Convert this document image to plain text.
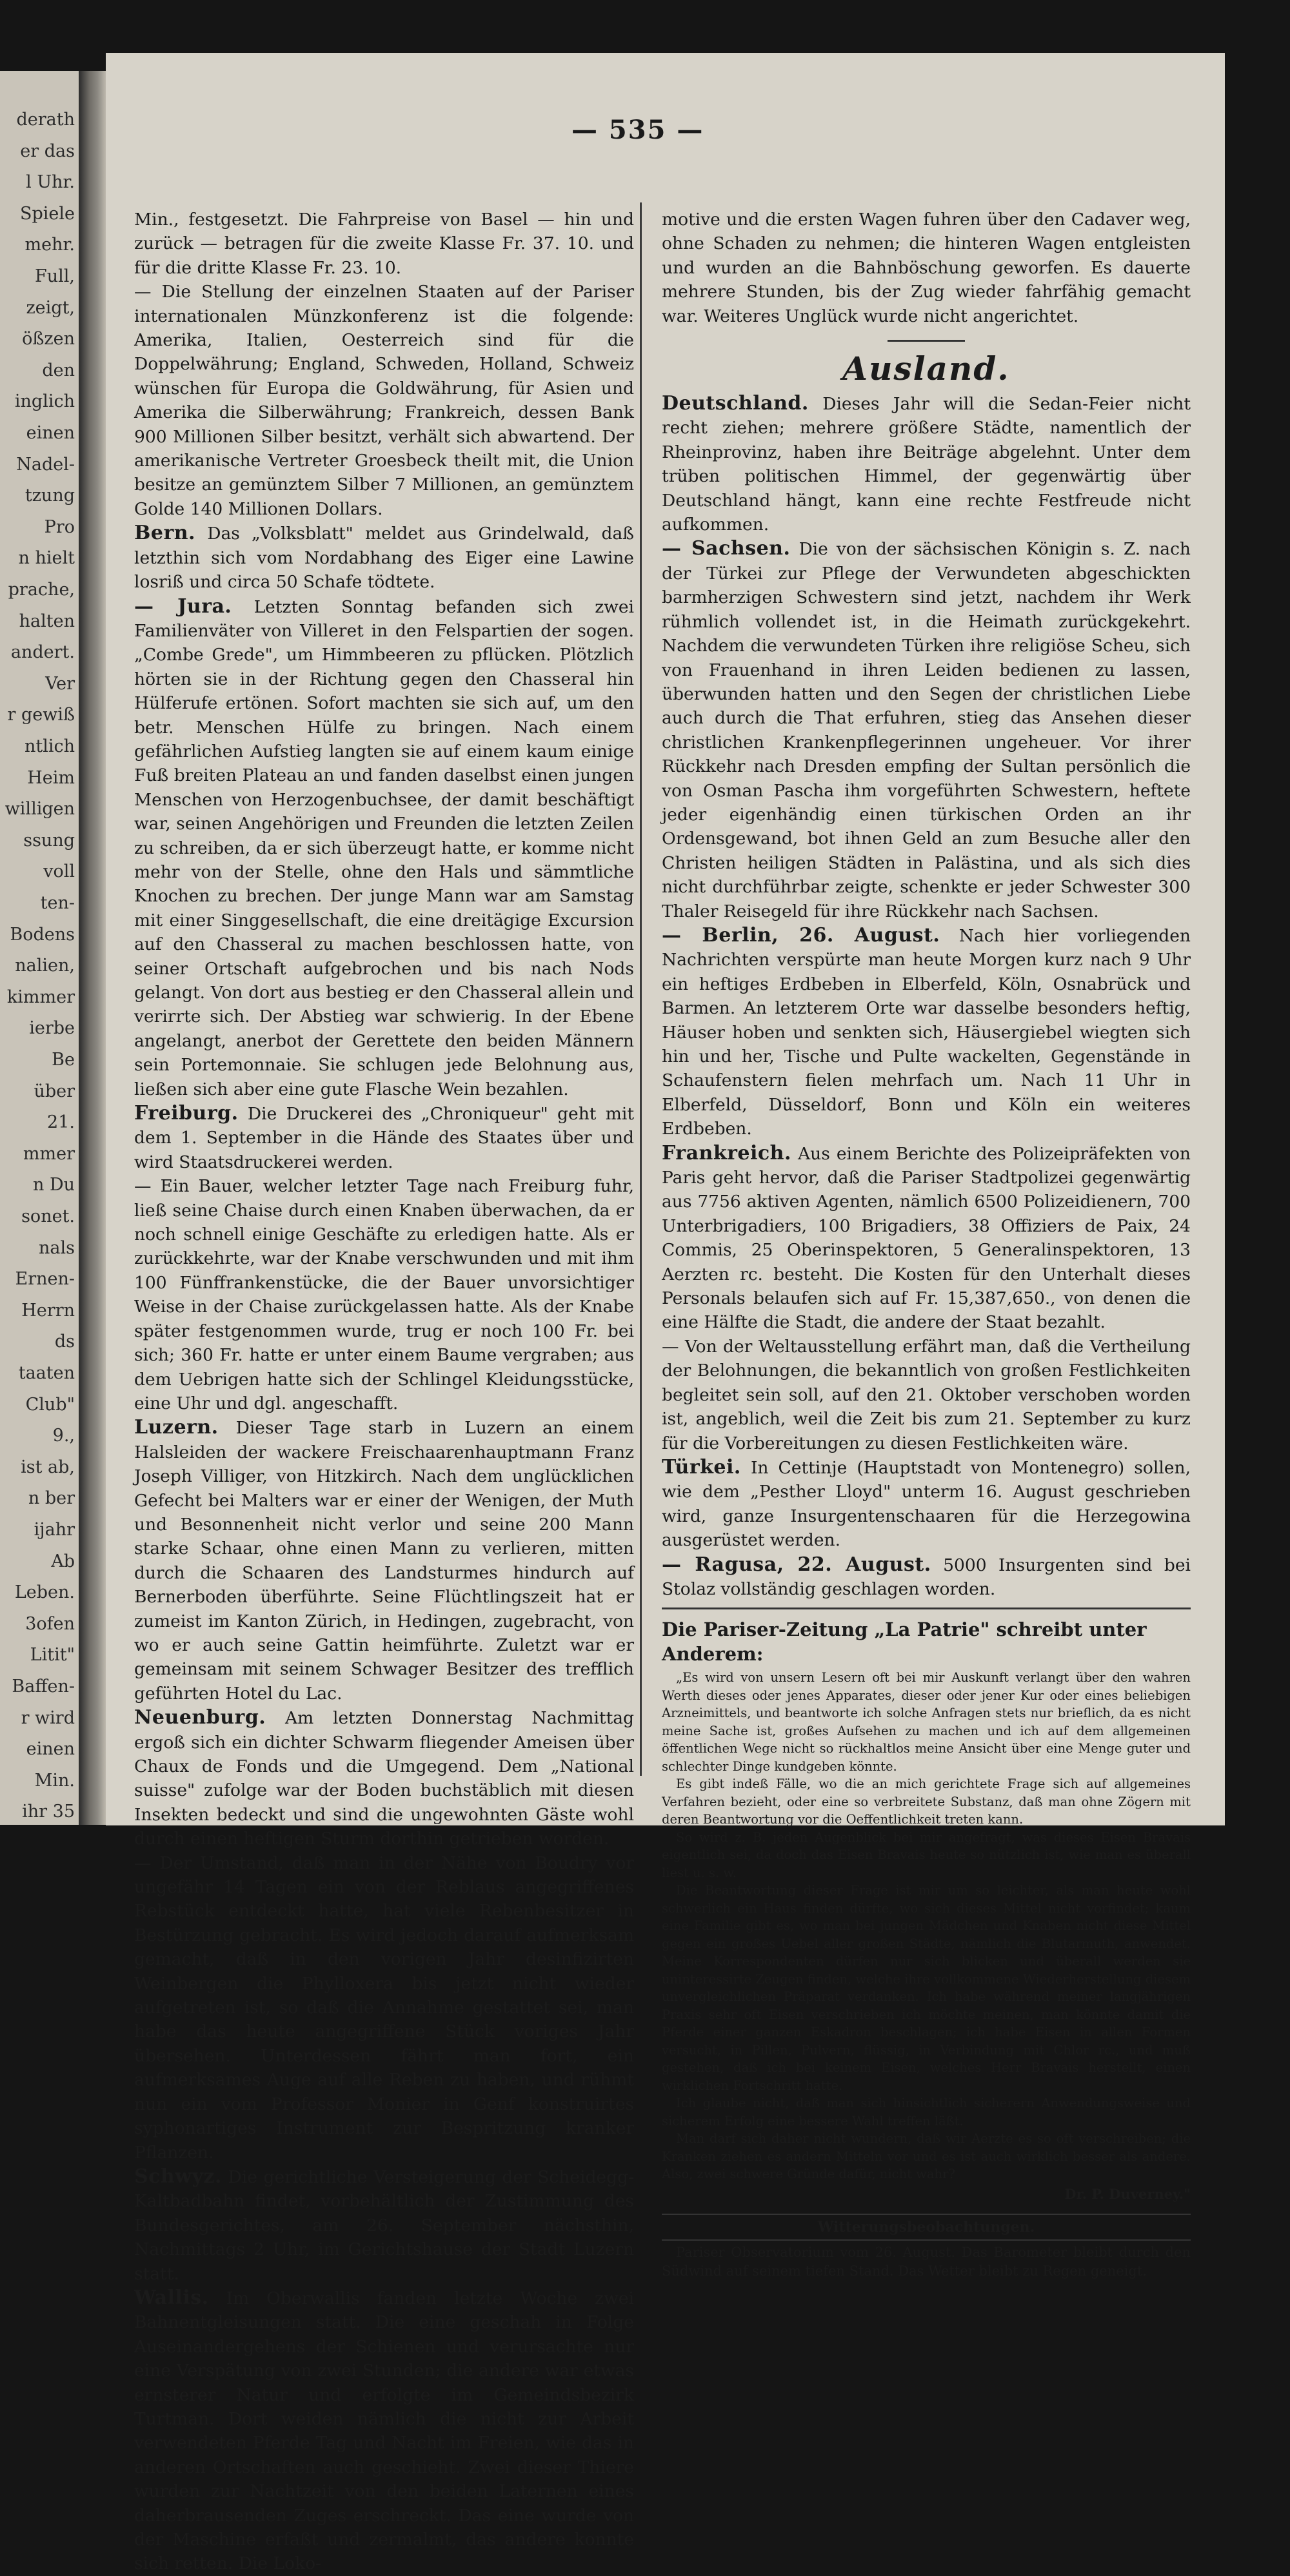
derath
er das
l Uhr.
Spiele
mehr.
Full,
zeigt,
ößzen
den
inglich
einen
Nadel-
tzung
Pro
n hielt
prache,
halten
andert.
Ver
r gewiß
ntlich
Heim
willigen
ssung
voll
ten-
Bodens
nalien,
kimmer
ierbe
Be
über
21.
mmer
n Du
sonet.
nals
Ernen-
Herrn
ds
taaten
Club"
9.,
ist ab,
n ber
ijahr
Ab
Leben.
3ofen
Litit"
Baffen-
r wird
einen
Min.
ihr 35
— 535 —

Min., festgesetzt. Die Fahrpreise von Basel — hin und zurück — betragen für die zweite Klasse Fr. 37. 10. und für die dritte Klasse Fr. 23. 10.

— Die Stellung der einzelnen Staaten auf der Pariser internationalen Münzkonferenz ist die folgende: Amerika, Italien, Oesterreich sind für die Doppelwährung; England, Schweden, Holland, Schweiz wünschen für Europa die Goldwährung, für Asien und Amerika die Silberwährung; Frankreich, dessen Bank 900 Millionen Silber besitzt, verhält sich abwartend. Der amerikanische Vertreter Groesbeck theilt mit, die Union besitze an gemünztem Silber 7 Millionen, an gemünztem Golde 140 Millionen Dollars.

Bern. Das „Volksblatt" meldet aus Grindelwald, daß letzthin sich vom Nordabhang des Eiger eine Lawine losriß und circa 50 Schafe tödtete.

— Jura. Letzten Sonntag befanden sich zwei Familienväter von Villeret in den Felspartien der sogen. „Combe Grede", um Himmbeeren zu pflücken. Plötzlich hörten sie in der Richtung gegen den Chasseral hin Hülferufe ertönen. Sofort machten sie sich auf, um den betr. Menschen Hülfe zu bringen. Nach einem gefährlichen Aufstieg langten sie auf einem kaum einige Fuß breiten Plateau an und fanden daselbst einen jungen Menschen von Herzogenbuchsee, der damit beschäftigt war, seinen Angehörigen und Freunden die letzten Zeilen zu schreiben, da er sich überzeugt hatte, er komme nicht mehr von der Stelle, ohne den Hals und sämmtliche Knochen zu brechen. Der junge Mann war am Samstag mit einer Singgesellschaft, die eine dreitägige Excursion auf den Chasseral zu machen beschlossen hatte, von seiner Ortschaft aufgebrochen und bis nach Nods gelangt. Von dort aus bestieg er den Chasseral allein und verirrte sich. Der Abstieg war schwierig. In der Ebene angelangt, anerbot der Gerettete den beiden Männern sein Portemonnaie. Sie schlugen jede Belohnung aus, ließen sich aber eine gute Flasche Wein bezahlen.

Freiburg. Die Druckerei des „Chroniqueur" geht mit dem 1. September in die Hände des Staates über und wird Staatsdruckerei werden.

— Ein Bauer, welcher letzter Tage nach Freiburg fuhr, ließ seine Chaise durch einen Knaben überwachen, da er noch schnell einige Geschäfte zu erledigen hatte. Als er zurückkehrte, war der Knabe verschwunden und mit ihm 100 Fünffrankenstücke, die der Bauer unvorsichtiger Weise in der Chaise zurückgelassen hatte. Als der Knabe später festgenommen wurde, trug er noch 100 Fr. bei sich; 360 Fr. hatte er unter einem Baume vergraben; aus dem Uebrigen hatte sich der Schlingel Kleidungsstücke, eine Uhr und dgl. angeschafft.

Luzern. Dieser Tage starb in Luzern an einem Halsleiden der wackere Freischaarenhauptmann Franz Joseph Villiger, von Hitzkirch. Nach dem unglücklichen Gefecht bei Malters war er einer der Wenigen, der Muth und Besonnenheit nicht verlor und seine 200 Mann starke Schaar, ohne einen Mann zu verlieren, mitten durch die Schaaren des Landsturmes hindurch auf Bernerboden überführte. Seine Flüchtlingszeit hat er zumeist im Kanton Zürich, in Hedingen, zugebracht, von wo er auch seine Gattin heimführte. Zuletzt war er gemeinsam mit seinem Schwager Besitzer des trefflich geführten Hotel du Lac.

Neuenburg. Am letzten Donnerstag Nachmittag ergoß sich ein dichter Schwarm fliegender Ameisen über Chaux de Fonds und die Umgegend. Dem „National suisse" zufolge war der Boden buchstäblich mit diesen Insekten bedeckt und sind die ungewohnten Gäste wohl durch einen heftigen Sturm dorthin getrieben worden.

— Der Umstand, daß man in der Nähe von Boudry vor ungefähr 14 Tagen ein von der Reblaus angegriffenes Rebstück entdeckt hatte, hat viele Rebenbesitzer in Bestürzung gebracht. Es wird jedoch darauf aufmerksam gemacht, daß in den vorigen Jahr desinfizirten Weinbergen die Phylloxera bis jetzt nicht wieder aufgetreten ist, so daß die Annahme gestattet sei, man habe das heute angegriffene Stück voriges Jahr übersehen. Unterdessen fährt man fort, ein aufmerksames Auge auf alle Reben zu haben, und rühmt nun ein vom Professor Monier in Genf konstruirtes syphonartiges Instrument zur Bespritzung kranker Pflanzen.

Schwyz. Die gerichtliche Versteigerung der Scheidegg-Kaltbadbahn findet, vorbehältlich der Zustimmung des Bundesgerichtes, am 26. September nächsthin, Nachmittags 2 Uhr, im Gerichtshause der Stadt Luzern statt.

Wallis. Im Oberwallis fanden letzte Woche zwei Bahnentgleisungen statt. Die eine geschah in Folge Auseinandergehens der Schienen und verursachte nur eine Verspätung von zwei Stunden; die andere war etwas ernsterer Natur und erfolgte im Gemeindsbezirk Turtman. Dort weiden nämlich die nicht zur Arbeit verwendeten Pferde Tag und Nacht im Freien, wie das in anderen Ortschaften auch geschieht. Zwei dieser Thiere wurden zur Nachtzeit von den beiden Laternen eines daherbrausenden Zuges erschreckt. Das eine wurde von der Maschine erfaßt und zermalmt, das andere konnte sich retten. Die Loko-

motive und die ersten Wagen fuhren über den Cadaver weg, ohne Schaden zu nehmen; die hinteren Wagen entgleisten und wurden an die Bahnböschung geworfen. Es dauerte mehrere Stunden, bis der Zug wieder fahrfähig gemacht war. Weiteres Unglück wurde nicht angerichtet.

Ausland.

Deutschland. Dieses Jahr will die Sedan-Feier nicht recht ziehen; mehrere größere Städte, namentlich der Rheinprovinz, haben ihre Beiträge abgelehnt. Unter dem trüben politischen Himmel, der gegenwärtig über Deutschland hängt, kann eine rechte Festfreude nicht aufkommen.

— Sachsen. Die von der sächsischen Königin s. Z. nach der Türkei zur Pflege der Verwundeten abgeschickten barmherzigen Schwestern sind jetzt, nachdem ihr Werk rühmlich vollendet ist, in die Heimath zurückgekehrt. Nachdem die verwundeten Türken ihre religiöse Scheu, sich von Frauenhand in ihren Leiden bedienen zu lassen, überwunden hatten und den Segen der christlichen Liebe auch durch die That erfuhren, stieg das Ansehen dieser christlichen Krankenpflegerinnen ungeheuer. Vor ihrer Rückkehr nach Dresden empfing der Sultan persönlich die von Osman Pascha ihm vorgeführten Schwestern, heftete jeder eigenhändig einen türkischen Orden an ihr Ordensgewand, bot ihnen Geld an zum Besuche aller den Christen heiligen Städten in Palästina, und als sich dies nicht durchführbar zeigte, schenkte er jeder Schwester 300 Thaler Reisegeld für ihre Rückkehr nach Sachsen.

— Berlin, 26. August. Nach hier vorliegenden Nachrichten verspürte man heute Morgen kurz nach 9 Uhr ein heftiges Erdbeben in Elberfeld, Köln, Osnabrück und Barmen. An letzterem Orte war dasselbe besonders heftig, Häuser hoben und senkten sich, Häusergiebel wiegten sich hin und her, Tische und Pulte wackelten, Gegenstände in Schaufenstern fielen mehrfach um. Nach 11 Uhr in Elberfeld, Düsseldorf, Bonn und Köln ein weiteres Erdbeben.

Frankreich. Aus einem Berichte des Polizeipräfekten von Paris geht hervor, daß die Pariser Stadtpolizei gegenwärtig aus 7756 aktiven Agenten, nämlich 6500 Polizeidienern, 700 Unterbrigadiers, 100 Brigadiers, 38 Offiziers de Paix, 24 Commis, 25 Oberinspektoren, 5 Generalinspektoren, 13 Aerzten rc. besteht. Die Kosten für den Unterhalt dieses Personals belaufen sich auf Fr. 15,387,650., von denen die eine Hälfte die Stadt, die andere der Staat bezahlt.

— Von der Weltausstellung erfährt man, daß die Vertheilung der Belohnungen, die bekanntlich von großen Festlichkeiten begleitet sein soll, auf den 21. Oktober verschoben worden ist, angeblich, weil die Zeit bis zum 21. September zu kurz für die Vorbereitungen zu diesen Festlichkeiten wäre.

Türkei. In Cettinje (Hauptstadt von Montenegro) sollen, wie dem „Pesther Lloyd" unterm 16. August geschrieben wird, ganze Insurgentenschaaren für die Herzegowina ausgerüstet werden.

— Ragusa, 22. August. 5000 Insurgenten sind bei Stolaz vollständig geschlagen worden.

Die Pariser-Zeitung „La Patrie" schreibt unter Anderem:

„Es wird von unsern Lesern oft bei mir Auskunft verlangt über den wahren Werth dieses oder jenes Apparates, dieser oder jener Kur oder eines beliebigen Arzneimittels, und beantworte ich solche Anfragen stets nur brieflich, da es nicht meine Sache ist, großes Aufsehen zu machen und ich auf dem allgemeinen öffentlichen Wege nicht so rückhaltlos meine Ansicht über eine Menge guter und schlechter Dinge kundgeben könnte.

Es gibt indeß Fälle, wo die an mich gerichtete Frage sich auf allgemeines Verfahren bezieht, oder eine so verbreitete Substanz, daß man ohne Zögern mit deren Beantwortung vor die Oeffentlichkeit treten kann.

So wird z. B. jeden Augenblick bei mir angefragt, was dieses Eisen Bravais eigentlich sei, da doch das Eisen Bravais heute so nützlich ist, wie man es überall liest u. s. w.

Die Beantwortung dieser Frage ist mir um so leichter, als man heute wohl schwerlich ein Haus finden dürfte, wo sich dieses Mittel nicht vorfindet; kaum eine Familie gibt es, wo man bei jungen Mädchen und Knaben nicht diese Mittel gegen ein großes Uebel aller großen Städte, nämlich die Blutarmuth, anwendet. Meine Korrespondenten dürfen nur sich blicken und überall werden sie uninteressirte Zeugen finden, welche ihre vollkommene Wiederherstellung diesem unvergleichlichen Präparat verdanken. Ich habe während meiner langjährigen Praxis sehr oft Eisen verschrieben ich möchte meinen, man könnte damit die Pferde einer ganzen Eskadron beschlagen; ich habe Eisen in allen Formen versucht, in Pillen, Pulvern, flüssig, in Verbindung mit Chlor rc., und muß gestehen, daß ich bei keinem Eisen, welches Herr Bravais herstellt, einen wirklichen Fortschritt hatte.

Ich glaube nicht, daß man sich hinsichtlich sicherern Anwendungsweise und sicherem Erfolg eine bessere Wahl treffen läßt.

Man darf sich daher nicht wundern, daß wir Aerzte es so oft verschreiben; die Kranken ziehen es andern Mitteln vor und es ist auch wirklich besser als andere. Also, zwei schwere Gründe dafür, nicht wahr?

Dr. P. Duverney."

Witterungsbeobachtungen.

Pariser Observatorium vom 26. August. Das Barometer bleibt durch den Südwind auf seinem tiefen Stand. Das Wetter bleibt zu Regen geneigt.
